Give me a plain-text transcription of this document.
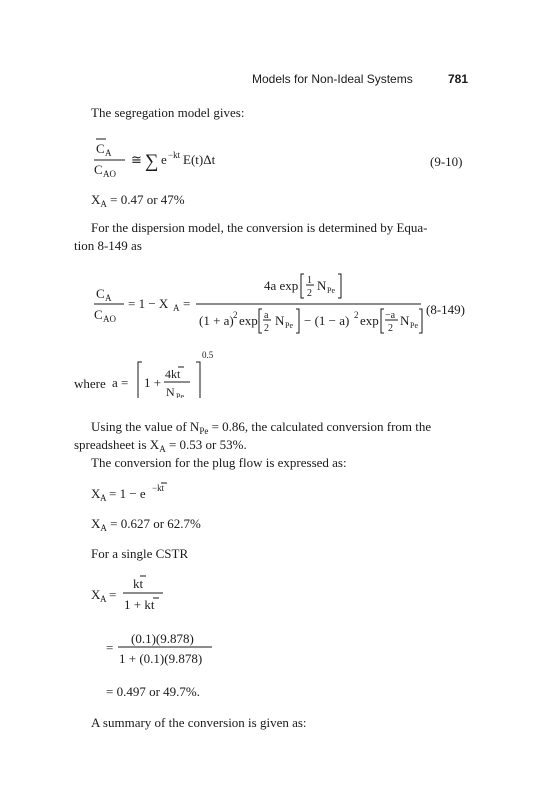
Models for Non-Ideal Systems	781
The segregation model gives:
C A
C AO
≅ ∑ e −kt E(t)Δt	(9-10)
$X_A = 0.47$ or 47%
For the dispersion model, the conversion is determined by Equa-
tion 8-149 as
C A
C AO
= 1 − X A =
4a exp 1
2
N Pe
(1 + a) 2 exp a
2
N Pe − (1 − a) 2 exp −a
2
N Pe
(8-149)
where a = 1 +
4kt
N Pe
0.5
Using the value of $N_{Pe} = 0.86$, the calculated conversion from the
spreadsheet is $X_A = 0.53$ or 53%.
The conversion for the plug flow is expressed as:
X A = 1 − e −kt
$X_A = 0.627$ or 62.7%
For a single CSTR
X A =
kt
1 + kt
=
(0.1)(9.878)
1 + (0.1)(9.878)
= 0.497 or 49.7%.
A summary of the conversion is given as:
